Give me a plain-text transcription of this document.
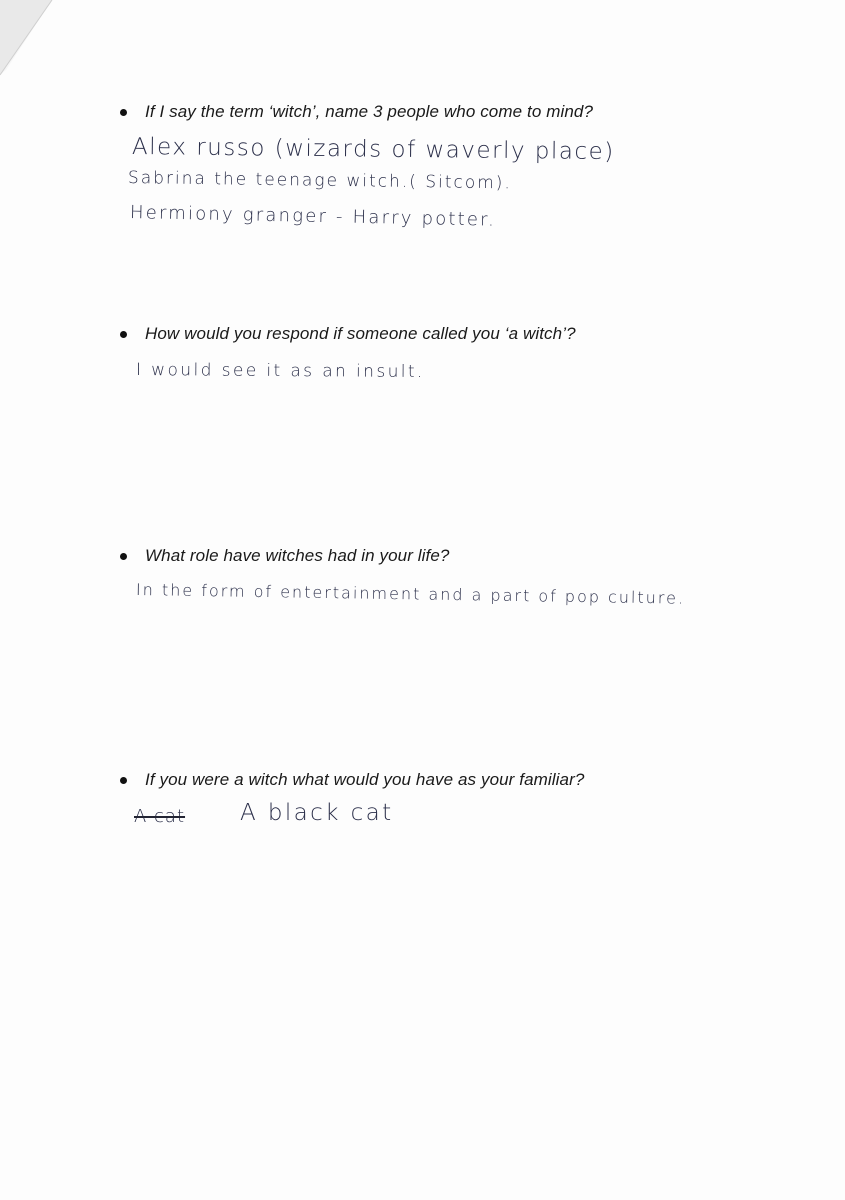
If I say the term ‘witch’, name 3 people who come to mind?
Alex russo (wizards of waverly place)
Sabrina the teenage witch.( Sitcom).
Hermiony granger - Harry potter.
How would you respond if someone called you ‘a witch’?
I would see it as an insult.
What role have witches had in your life?
In the form of entertainment and a part of pop culture.
If you were a witch what would you have as your familiar?
A cat A black cat
